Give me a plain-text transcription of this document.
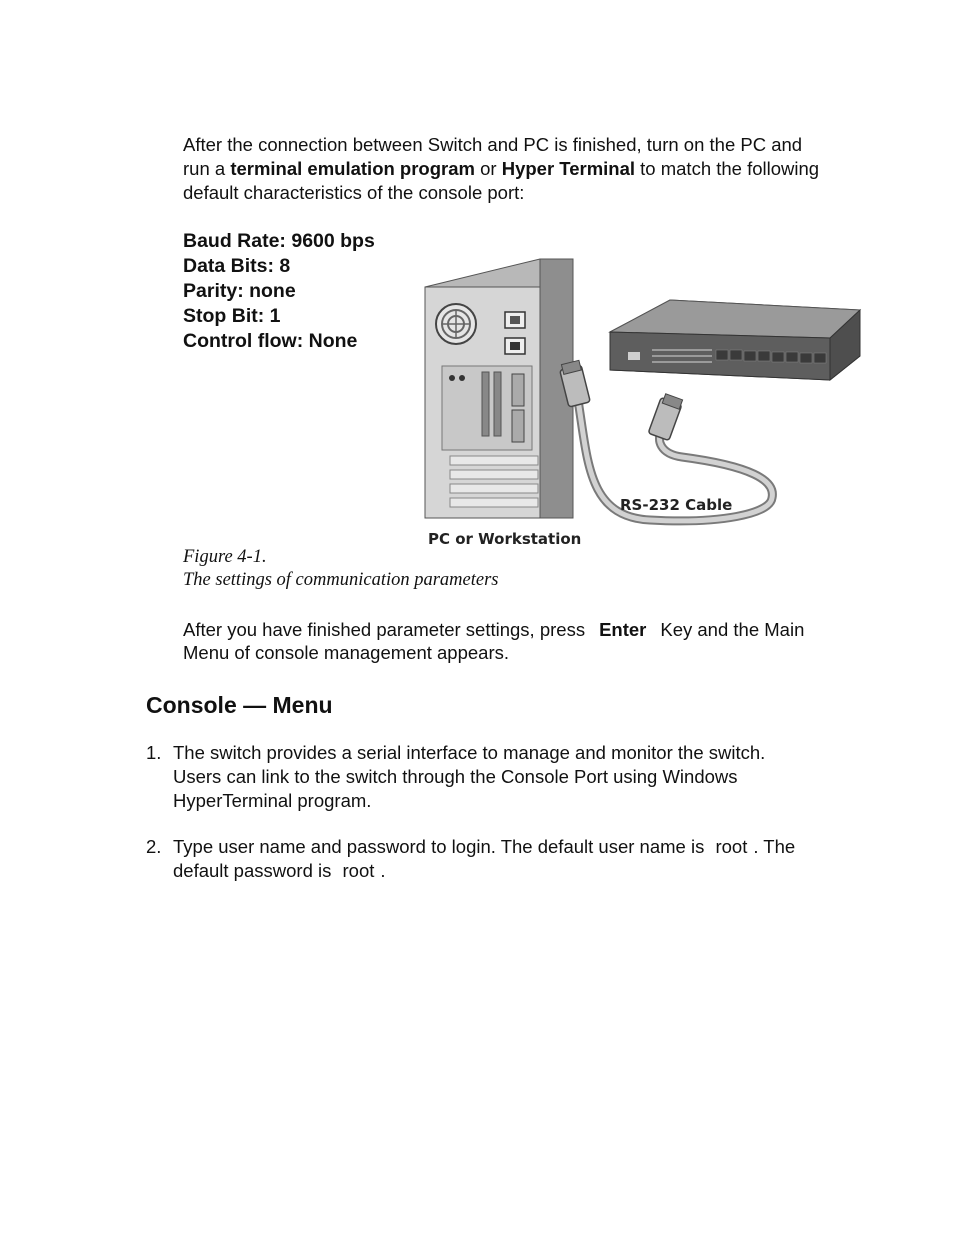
After the connection between Switch and PC is finished, turn on the PC and run a terminal emulation program or Hyper Terminal to match the following default characteristics of the console port:

Baud Rate: 9600 bps
Data Bits: 8
Parity: none
Stop Bit: 1
Control flow: None
RS-232 Cable
PC or Workstation
Figure 4-1.
The settings of communication parameters

After you have finished parameter settings, press Enter Key and the Main Menu of console management appears.

Console — Menu
1. The switch provides a serial interface to manage and monitor the switch. Users can link to the switch through the Console Port using Windows HyperTerminal program.
2. Type user name and password to login. The default user name is root . The default password is root .
